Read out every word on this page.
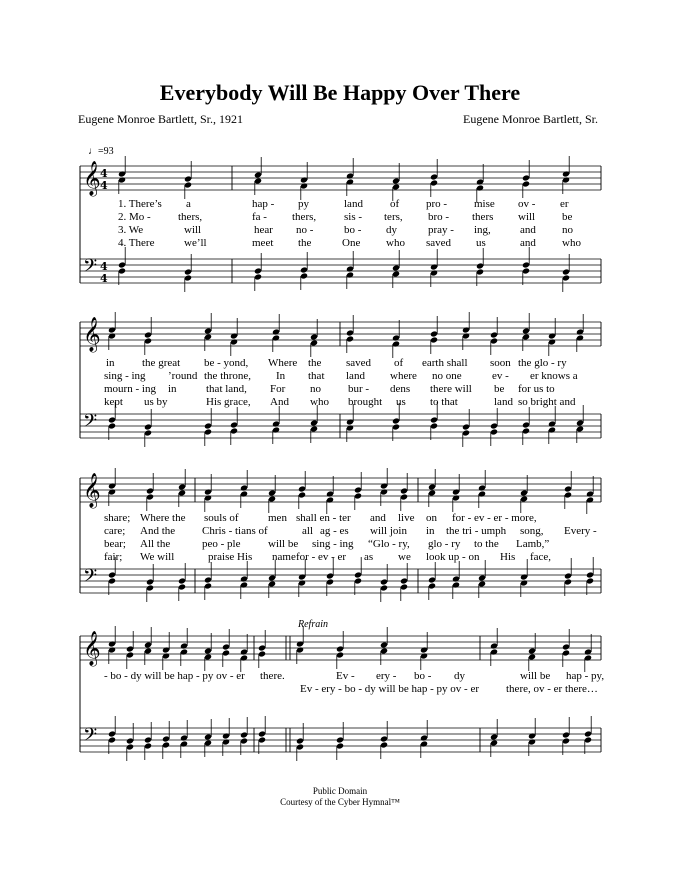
Everybody Will Be Happy Over There
Eugene Monroe Bartlett, Sr., 1921	Eugene Monroe Bartlett, Sr.
♩=93
𝄞 4
4
𝄢 4
4
𝄞
𝄢
𝄞
𝄢
𝄞
𝄢
1. There’s a	hap - py	land of pro - mise ov - er
2. Mo - thers,	fa - thers,	sis - ters, bro - thers will be
3. We	will	hear no -	bo - dy	pray - ing,	and no
4. There	we’ll	meet the	One who saved us	and who
in the great be - yond, Where the saved of earth shall soon the glo - ry
sing - ing ’round the throne, In that land where no one	ev - er knows a
mourn - ing in	that land, For no bur - dens there will be for us to
kept us by	His grace, And who brought us to that	land so bright and
share; Where the souls of	men shall en - ter and live on for - ev - er - more,
care; And the Chris - tians of	all ag - es will join in the tri - umph song, Every -
bear; All the	peo - ple	will be sing - ing “Glo - ry, glo - ry to the Lamb,”
fair; We will	praise His name for - ev - er as we look up - on His face,
Refrain
- bo - dy will be hap - py ov - er there.	Ev - ery - bo - dy	will be hap - py,
Ev - ery - bo - dy will be hap - py ov - er there, ov - er there…
Public Domain
Courtesy of the Cyber Hymnal™
